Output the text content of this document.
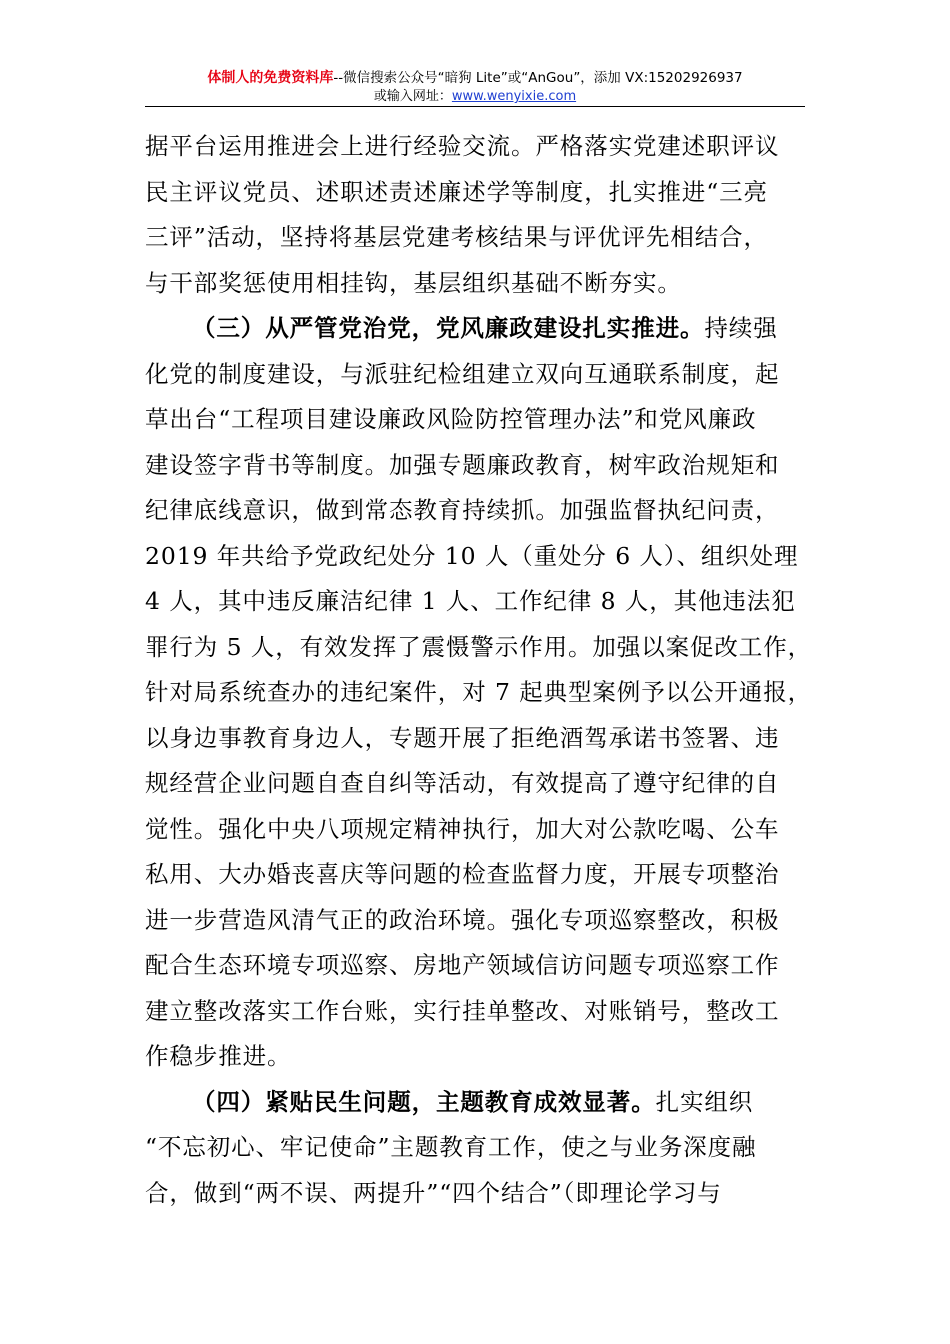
体制人的免费资料库--微信搜索公众号“暗狗 Lite”或“AnGou”，添加 VX:15202926937
或输入网址：www.wenyixie.com
据平台运用推进会上进行经验交流。严格落实党建述职评议
民主评议党员、述职述责述廉述学等制度，扎实推进“三亮
三评”活动，坚持将基层党建考核结果与评优评先相结合，
与干部奖惩使用相挂钩，基层组织基础不断夯实。
（三）从严管党治党，党风廉政建设扎实推进。持续强
化党的制度建设，与派驻纪检组建立双向互通联系制度，起
草出台“工程项目建设廉政风险防控管理办法”和党风廉政
建设签字背书等制度。加强专题廉政教育，树牢政治规矩和
纪律底线意识，做到常态教育持续抓。加强监督执纪问责，
2019 年共给予党政纪处分 10 人（重处分 6 人）、组织处理
4 人，其中违反廉洁纪律 1 人、工作纪律 8 人，其他违法犯
罪行为 5 人，有效发挥了震慑警示作用。加强以案促改工作，
针对局系统查办的违纪案件，对 7 起典型案例予以公开通报，
以身边事教育身边人，专题开展了拒绝酒驾承诺书签署、违
规经营企业问题自查自纠等活动，有效提高了遵守纪律的自
觉性。强化中央八项规定精神执行，加大对公款吃喝、公车
私用、大办婚丧喜庆等问题的检查监督力度，开展专项整治
进一步营造风清气正的政治环境。强化专项巡察整改，积极
配合生态环境专项巡察、房地产领域信访问题专项巡察工作
建立整改落实工作台账，实行挂单整改、对账销号，整改工
作稳步推进。
（四）紧贴民生问题，主题教育成效显著。扎实组织
“不忘初心、牢记使命”主题教育工作，使之与业务深度融
合，做到“两不误、两提升”“四个结合”（即理论学习与
